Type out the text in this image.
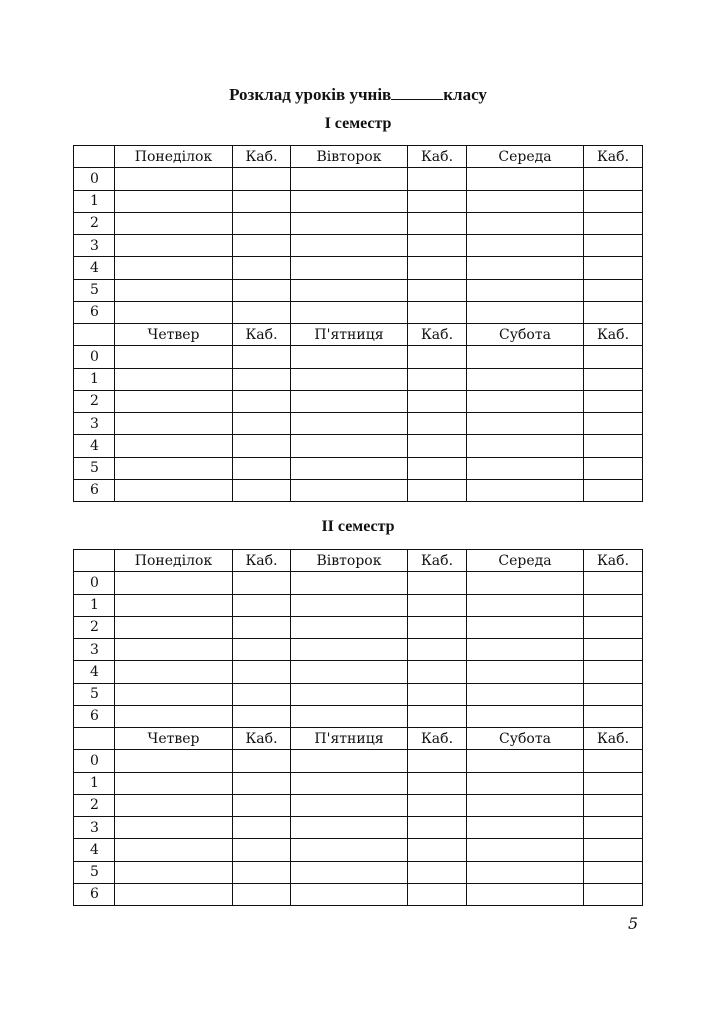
Розклад уроків учнів	класу
I семестр
	Понеділок	Каб.	Вівторок	Каб.	Середа	Каб.
0						
1						
2						
3						
4						
5						
6						
	Четвер	Каб.	П'ятниця	Каб.	Субота	Каб.
0						
1						
2						
3						
4						
5						
6						
II семестр
	Понеділок	Каб.	Вівторок	Каб.	Середа	Каб.
0						
1						
2						
3						
4						
5						
6						
	Четвер	Каб.	П'ятниця	Каб.	Субота	Каб.
0						
1						
2						
3						
4						
5						
6						
5
